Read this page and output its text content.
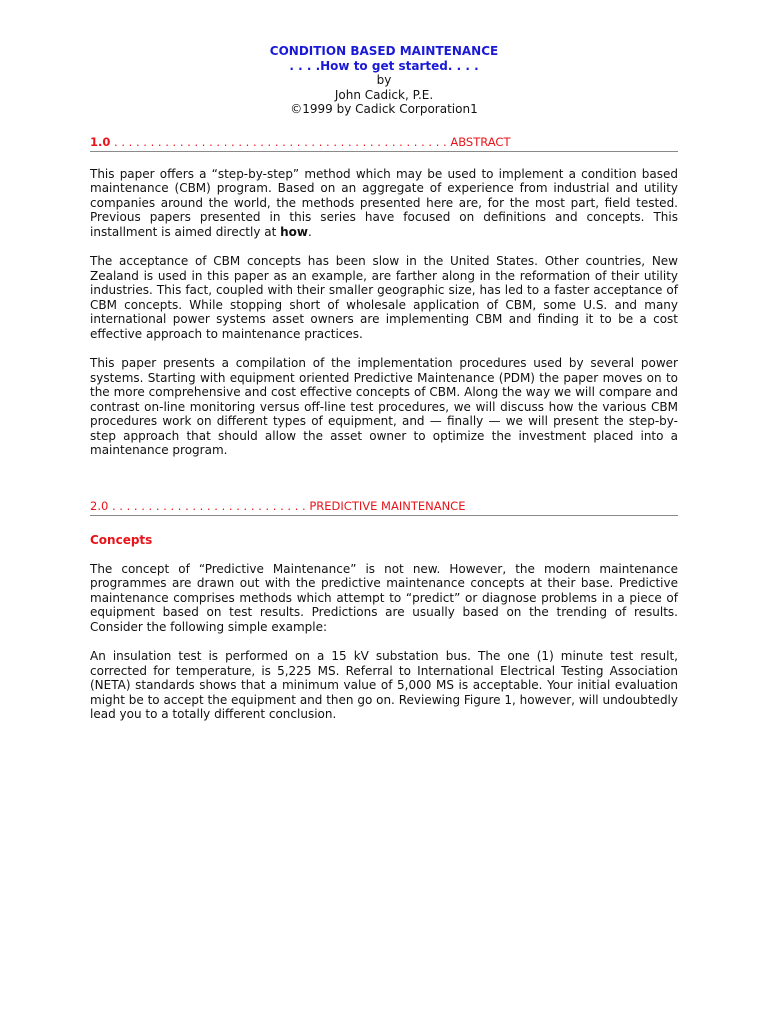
CONDITION BASED MAINTENANCE
. . . .How to get started. . . .
by
John Cadick, P.E.
©1999 by Cadick Corporation1
1.0 . . . . . . . . . . . . . . . . . . . . . . . . . . . . . . . . . . . . . . . . . . . . . . ABSTRACT

This paper offers a “step-by-step” method which may be used to implement a condition based maintenance (CBM) program. Based on an aggregate of experience from industrial and utility companies around the world, the methods presented here are, for the most part, field tested. Previous papers presented in this series have focused on definitions and concepts. This installment is aimed directly at how.

The acceptance of CBM concepts has been slow in the United States. Other countries, New Zealand is used in this paper as an example, are farther along in the reformation of their utility industries. This fact, coupled with their smaller geographic size, has led to a faster acceptance of CBM concepts. While stopping short of wholesale application of CBM, some U.S. and many international power systems asset owners are implementing CBM and finding it to be a cost effective approach to maintenance practices.

This paper presents a compilation of the implementation procedures used by several power systems. Starting with equipment oriented Predictive Maintenance (PDM) the paper moves on to the more comprehensive and cost effective concepts of CBM. Along the way we will compare and contrast on-line monitoring versus off-line test procedures, we will discuss how the various CBM procedures work on different types of equipment, and — finally — we will present the step-by-step approach that should allow the asset owner to optimize the investment placed into a maintenance program.

2.0 . . . . . . . . . . . . . . . . . . . . . . . . . . . PREDICTIVE MAINTENANCE
Concepts

The concept of “Predictive Maintenance” is not new. However, the modern maintenance programmes are drawn out with the predictive maintenance concepts at their base. Predictive maintenance comprises methods which attempt to “predict” or diagnose problems in a piece of equipment based on test results. Predictions are usually based on the trending of results. Consider the following simple example:

An insulation test is performed on a 15 kV substation bus. The one (1) minute test result, corrected for temperature, is 5,225 MS. Referral to International Electrical Testing Association (NETA) standards shows that a minimum value of 5,000 MS is acceptable. Your initial evaluation might be to accept the equipment and then go on. Reviewing Figure 1, however, will undoubtedly lead you to a totally different conclusion.
